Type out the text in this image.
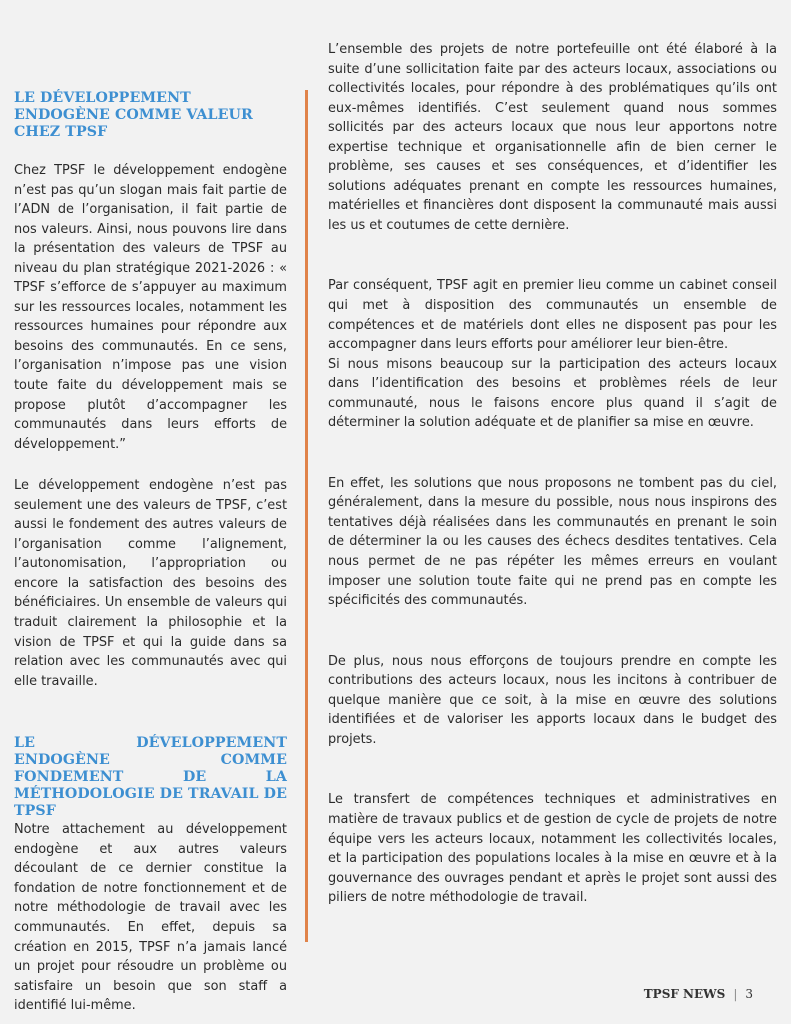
LE DÉVELOPPEMENT ENDOGÈNE COMME VALEUR CHEZ TPSF

Chez TPSF le développement endogène n’est pas qu’un slogan mais fait partie de l’ADN de l’organisation, il fait partie de nos valeurs. Ainsi, nous pouvons lire dans la présentation des valeurs de TPSF au niveau du plan stratégique 2021-2026 : « TPSF s’efforce de s’appuyer au maximum sur les ressources locales, notamment les ressources humaines pour répondre aux besoins des communautés. En ce sens, l’organisation n’impose pas une vision toute faite du développement mais se propose plutôt d’accompagner les communautés dans leurs efforts de développement.”

Le développement endogène n’est pas seulement une des valeurs de TPSF, c’est aussi le fondement des autres valeurs de l’organisation comme l’alignement, l’autonomisation, l’appropriation ou encore la satisfaction des besoins des bénéficiaires. Un ensemble de valeurs qui traduit clairement la philosophie et la vision de TPSF et qui la guide dans sa relation avec les communautés avec qui elle travaille.

LE DÉVELOPPEMENT ENDOGÈNE COMME FONDEMENT DE LA MÉTHODOLOGIE DE TRAVAIL DE TPSF

Notre attachement au développement endogène et aux autres valeurs découlant de ce dernier constitue la fondation de notre fonctionnement et de notre méthodologie de travail avec les communautés. En effet, depuis sa création en 2015, TPSF n’a jamais lancé un projet pour résoudre un problème ou satisfaire un besoin que son staff a identifié lui-même.

L’ensemble des projets de notre portefeuille ont été élaboré à la suite d’une sollicitation faite par des acteurs locaux, associations ou collectivités locales, pour répondre à des problématiques qu’ils ont eux-mêmes identifiés. C’est seulement quand nous sommes sollicités par des acteurs locaux que nous leur apportons notre expertise technique et organisationnelle afin de bien cerner le problème, ses causes et ses conséquences, et d’identifier les solutions adéquates prenant en compte les ressources humaines, matérielles et financières dont disposent la communauté mais aussi les us et coutumes de cette dernière.

Par conséquent, TPSF agit en premier lieu comme un cabinet conseil qui met à disposition des communautés un ensemble de compétences et de matériels dont elles ne disposent pas pour les accompagner dans leurs efforts pour améliorer leur bien-être.

Si nous misons beaucoup sur la participation des acteurs locaux dans l’identification des besoins et problèmes réels de leur communauté, nous le faisons encore plus quand il s’agit de déterminer la solution adéquate et de planifier sa mise en œuvre.

En effet, les solutions que nous proposons ne tombent pas du ciel, généralement, dans la mesure du possible, nous nous inspirons des tentatives déjà réalisées dans les communautés en prenant le soin de déterminer la ou les causes des échecs desdites tentatives. Cela nous permet de ne pas répéter les mêmes erreurs en voulant imposer une solution toute faite qui ne prend pas en compte les spécificités des communautés.

De plus, nous nous efforçons de toujours prendre en compte les contributions des acteurs locaux, nous les incitons à contribuer de quelque manière que ce soit, à la mise en œuvre des solutions identifiées et de valoriser les apports locaux dans le budget des projets.

Le transfert de compétences techniques et administratives en matière de travaux publics et de gestion de cycle de projets de notre équipe vers les acteurs locaux, notamment les collectivités locales, et la participation des populations locales à la mise en œuvre et à la gouvernance des ouvrages pendant et après le projet sont aussi des piliers de notre méthodologie de travail.

TPSF NEWS | 3
